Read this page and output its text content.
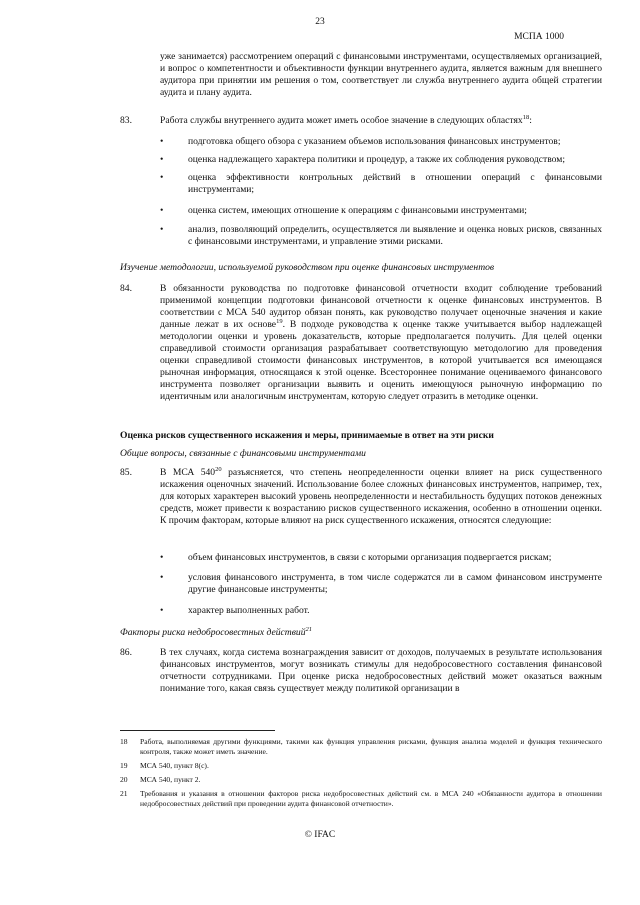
23
МСПА 1000
уже занимается) рассмотрением операций с финансовыми инструментами, осуществляемых организацией, и вопрос о компетентности и объективности функции внутреннего аудита, является важным для внешнего аудитора при принятии им решения о том, соответствует ли служба внутреннего аудита общей стратегии аудита и плану аудита.
83.	Работа службы внутреннего аудита может иметь особое значение в следующих областях$^{18}$:
•	подготовка общего обзора с указанием объемов использования финансовых инструментов;
•	оценка надлежащего характера политики и процедур, а также их соблюдения руководством;
•	оценка эффективности контрольных действий в отношении операций с финансовыми инструментами;
•	оценка систем, имеющих отношение к операциям с финансовыми инструментами;
•	анализ, позволяющий определить, осуществляется ли выявление и оценка новых рисков, связанных с финансовыми инструментами, и управление этими рисками.
Изучение методологии, используемой руководством при оценке финансовых инструментов
84.	В обязанности руководства по подготовке финансовой отчетности входит соблюдение требований применимой концепции подготовки финансовой отчетности к оценке финансовых инструментов. В соответствии с МСА 540 аудитор обязан понять, как руководство получает оценочные значения и какие данные лежат в их основе$^{19}$. В подходе руководства к оценке также учитывается выбор надлежащей методологии оценки и уровень доказательств, которые предполагается получить. Для целей оценки справедливой стоимости организация разрабатывает соответствующую методологию для проведения оценки справедливой стоимости финансовых инструментов, в которой учитывается вся имеющаяся рыночная информация, относящаяся к этой оценке. Всестороннее понимание оцениваемого финансового инструмента позволяет организации выявить и оценить имеющуюся рыночную информацию по идентичным или аналогичным инструментам, которую следует отразить в методике оценки.
Оценка рисков существенного искажения и меры, принимаемые в ответ на эти риски
Общие вопросы, связанные с финансовыми инструментами
85.	В МСА $540^{20}$ разъясняется, что степень неопределенности оценки влияет на риск существенного искажения оценочных значений. Использование более сложных финансовых инструментов, например, тех, для которых характерен высокий уровень неопределенности и нестабильность будущих потоков денежных средств, может привести к возрастанию рисков существенного искажения, особенно в отношении оценки. К прочим факторам, которые влияют на риск существенного искажения, относятся следующие:
•	объем финансовых инструментов, в связи с которыми организация подвергается рискам;
•	условия финансового инструмента, в том числе содержатся ли в самом финансовом инструменте другие финансовые инструменты;
•	характер выполненных работ.
Факторы риска недобросовестных действий$^{21}$
86.	В тех случаях, когда система вознаграждения зависит от доходов, получаемых в результате использования финансовых инструментов, могут возникать стимулы для недобросовестного составления финансовой отчетности сотрудниками. При оценке риска недобросовестных действий может оказаться важным понимание того, какая связь существует между политикой организации в
18	Работа, выполняемая другими функциями, такими как функция управления рисками, функция анализа моделей и функция технического контроля, также может иметь значение.
19	МСА 540, пункт 8(c).
20	МСА 540, пункт 2.
21	Требования и указания в отношении факторов риска недобросовестных действий см. в МСА 240 «Обязанности аудитора в отношении недобросовестных действий при проведении аудита финансовой отчетности».
© IFAC
